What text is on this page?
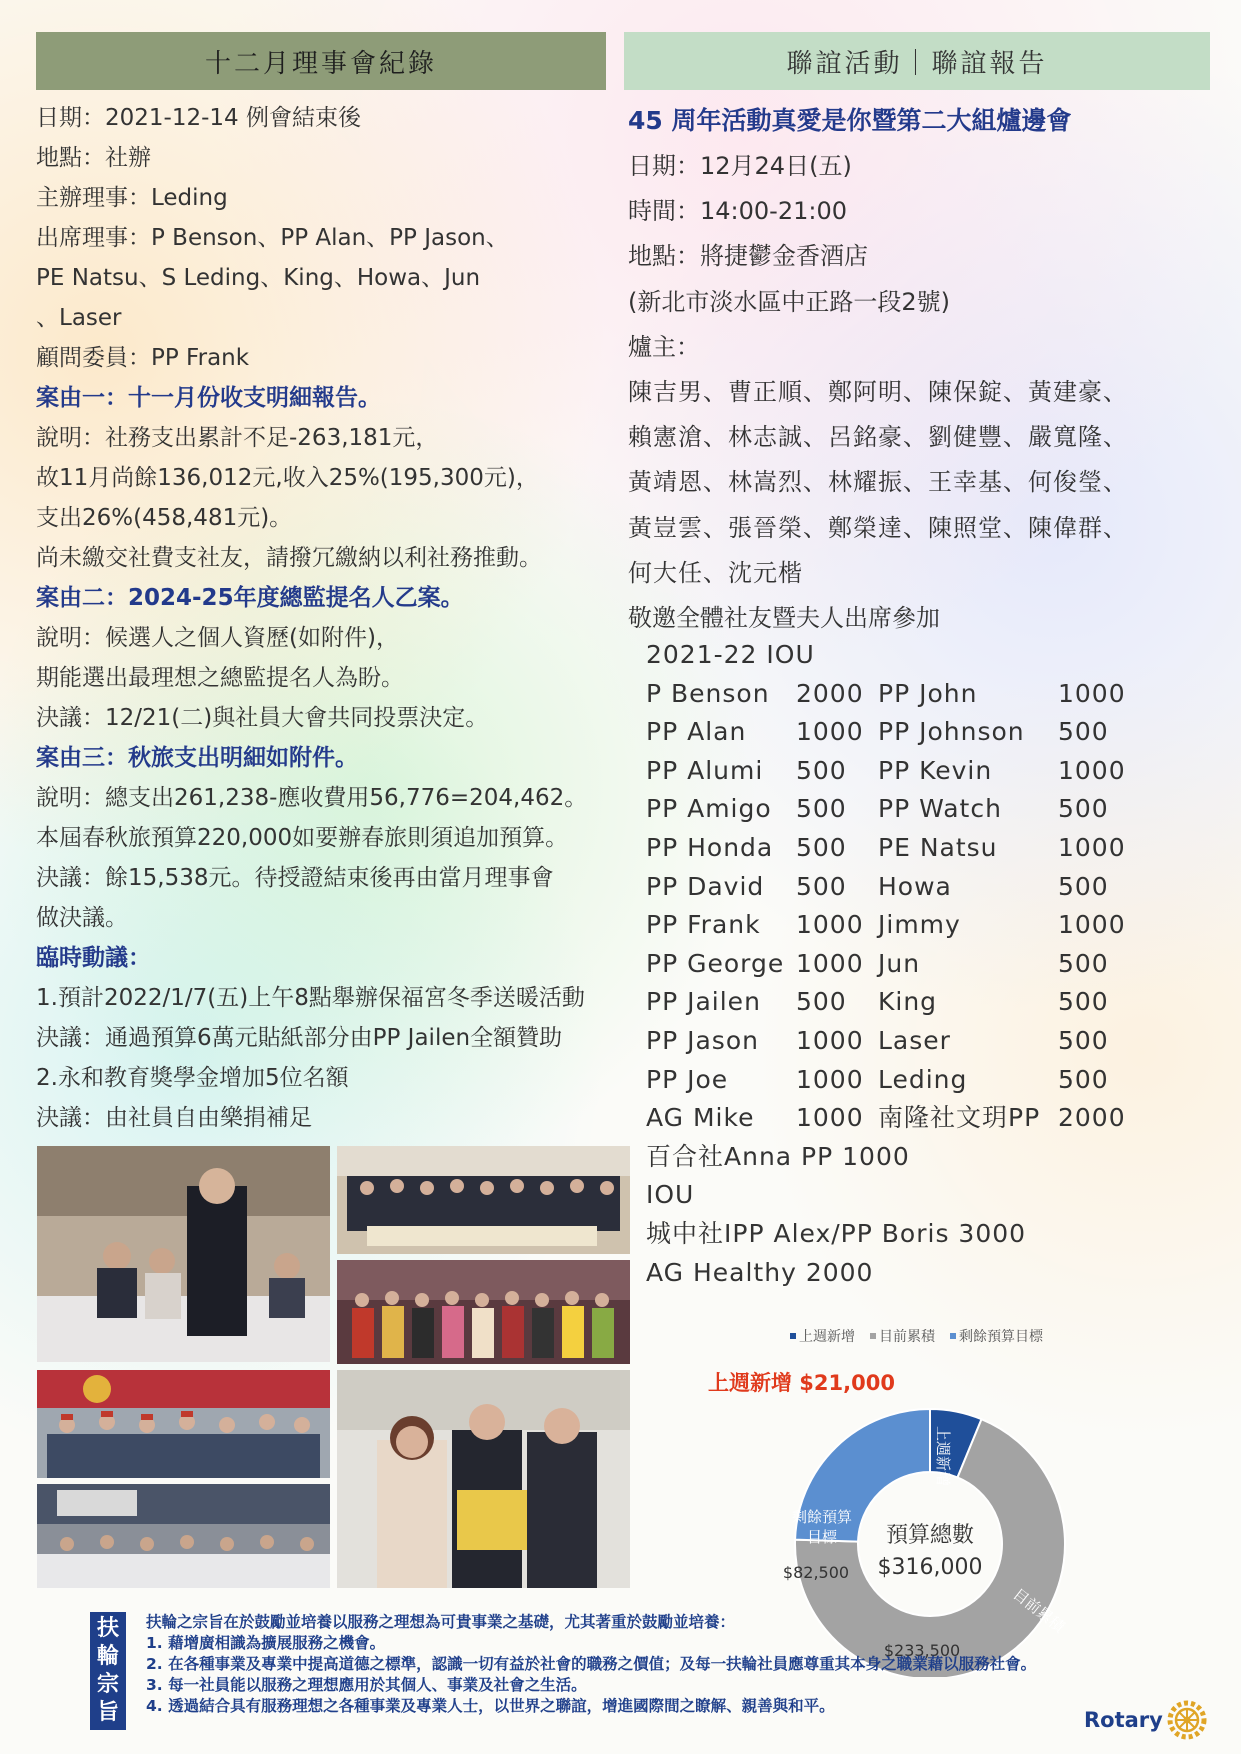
十二月理事會紀錄	聯誼活動｜聯誼報告
日期：2021-12-14 例會結束後
地點：社辦
主辦理事：Leding
出席理事：P Benson、PP Alan、PP Jason、
PE Natsu、S Leding、King、Howa、Jun
、Laser
顧問委員：PP Frank
案由一：十一月份收支明細報告。
說明：社務支出累計不足-263,181元，
故11月尚餘136,012元,收入25%(195,300元)，
支出26%(458,481元)。
尚未繳交社費支社友，請撥冗繳納以利社務推動。
案由二：2024-25年度總監提名人乙案。
說明：候選人之個人資歷(如附件)，
期能選出最理想之總監提名人為盼。
決議：12/21(二)與社員大會共同投票決定。
案由三：秋旅支出明細如附件。
說明：總支出261,238-應收費用56,776=204,462。
本屆春秋旅預算220,000如要辦春旅則須追加預算。
決議：餘15,538元。待授證結束後再由當月理事會
做決議。
臨時動議：
1.預計2022/1/7(五)上午8點舉辦保福宮冬季送暖活動
決議：通過預算6萬元貼紙部分由PP Jailen全額贊助
2.永和教育獎學金增加5位名額
決議：由社員自由樂捐補足
45 周年活動真愛是你暨第二大組爐邊會
日期：12月24日(五)
時間：14:00-21:00
地點：將捷鬱金香酒店
(新北市淡水區中正路一段2號)
爐主：
陳吉男、曹正順、鄭阿明、陳保錠、黃建豪、
賴憲滄、林志誠、呂銘豪、劉健豐、嚴寬隆、
黃靖恩、林嵩烈、林耀振、王幸基、何俊瑩、
黃豈雲、張晉榮、鄭榮達、陳照堂、陳偉群、
何大任、沈元楷
敬邀全體社友暨夫人出席參加
2021-22 IOU
P Benson 2000 PP John	1000
PP Alan 1000 PP Johnson 500
PP Alumi 500 PP Kevin	1000
PP Amigo 500 PP Watch 500
PP Honda 500 PE Natsu 1000
PP David 500 Howa	500
PP Frank 1000 Jimmy	1000
PP George 1000 Jun	500
PP Jailen 500 King	500
PP Jason 1000 Laser	500
PP Joe	1000 Leding	500
AG Mike 1000 南隆社文玥PP 2000
百合社Anna PP 1000
IOU
城中社IPP Alex/PP Boris 3000
AG Healthy 2000
上週新增 目前累積 剩餘預算目標
預算總數
$316,000
上週新增
目前累積
剩餘預算
目標
$82,500
$233,500
上週新增 $21,000
扶輪宗旨
扶輪之宗旨在於鼓勵並培養以服務之理想為可貴事業之基礎，尤其著重於鼓勵並培養：
1. 藉增廣相識為擴展服務之機會。
2. 在各種事業及專業中提高道德之標準，認識一切有益於社會的職務之價值；及每一扶輪社員應尊重其本身之職業藉以服務社會。
3. 每一社員能以服務之理想應用於其個人、事業及社會之生活。
4. 透過結合具有服務理想之各種事業及專業人士，以世界之聯誼，增進國際間之瞭解、親善與和平。
Rotary
